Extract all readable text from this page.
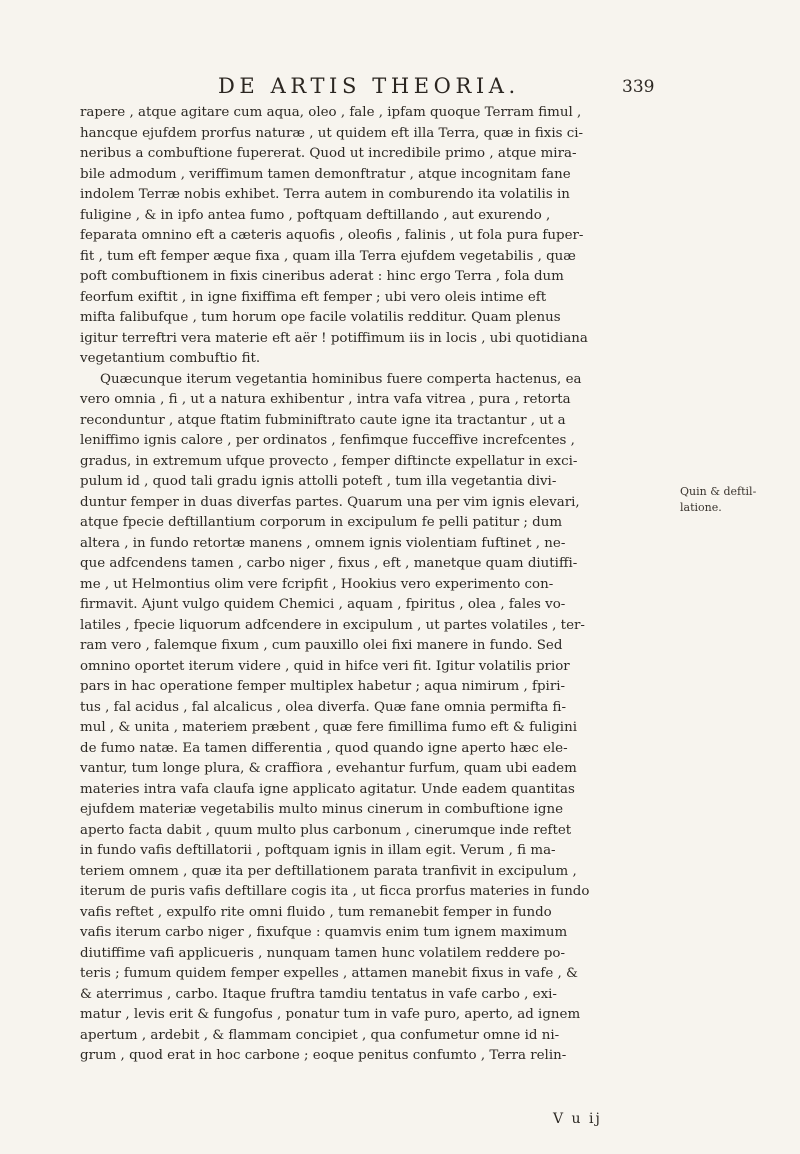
DE ARTIS THEORIA.	339
rapere , atque agitare cum aqua, oleo , fale , ipfam quoque Terram fimul ,
hancque ejufdem prorfus naturæ , ut quidem eft illa Terra, quæ in fixis ci-
neribus a combuftione fupererat. Quod ut incredibile primo , atque mira-
bile admodum , veriffimum tamen demonftratur , atque incognitam fane
indolem Terræ nobis exhibet. Terra autem in comburendo ita volatilis in
fuligine , & in ipfo antea fumo , poftquam deftillando , aut exurendo ,
feparata omnino eft a cæteris aquofis , oleofis , falinis , ut fola pura fuper-
fit , tum eft femper æque fixa , quam illa Terra ejufdem vegetabilis , quæ
poft combuftionem in fixis cineribus aderat : hinc ergo Terra , fola dum
feorfum exiftit , in igne fixiffima eft femper ; ubi vero oleis intime eft
mifta falibufque , tum horum ope facile volatilis redditur. Quam plenus
igitur terreftri vera materie eft aër ! potiffimum iis in locis , ubi quotidiana
vegetantium combuftio fit.
Quæcunque iterum vegetantia hominibus fuere comperta hactenus, ea
vero omnia , fi , ut a natura exhibentur , intra vafa vitrea , pura , retorta
reconduntur , atque ftatim fubminiftrato caute igne ita tractantur , ut a
leniffimo ignis calore , per ordinatos , fenfimque fucceffive increfcentes ,
gradus, in extremum ufque provecto , femper diftincte expellatur in exci-
pulum id , quod tali gradu ignis attolli poteft , tum illa vegetantia divi-
duntur femper in duas diverfas partes. Quarum una per vim ignis elevari,
atque fpecie deftillantium corporum in excipulum fe pelli patitur ; dum
altera , in fundo retortæ manens , omnem ignis violentiam fuftinet , ne-
que adfcendens tamen , carbo niger , fixus , eft , manetque quam diutiffi-
me , ut Helmontius olim vere fcripfit , Hookius vero experimento con-
firmavit. Ajunt vulgo quidem Chemici , aquam , fpiritus , olea , fales vo-
latiles , fpecie liquorum adfcendere in excipulum , ut partes volatiles , ter-
ram vero , falemque fixum , cum pauxillo olei fixi manere in fundo. Sed
omnino oportet iterum videre , quid in hifce veri fit. Igitur volatilis prior
pars in hac operatione femper multiplex habetur ; aqua nimirum , fpiri-
tus , fal acidus , fal alcalicus , olea diverfa. Quæ fane omnia permifta fi-
mul , & unita , materiem præbent , quæ fere fimillima fumo eft & fuligini
de fumo natæ. Ea tamen differentia , quod quando igne aperto hæc ele-
vantur, tum longe plura, & craffiora , evehantur furfum, quam ubi eadem
materies intra vafa claufa igne applicato agitatur. Unde eadem quantitas
ejufdem materiæ vegetabilis multo minus cinerum in combuftione igne
aperto facta dabit , quum multo plus carbonum , cinerumque inde reftet
in fundo vafis deftillatorii , poftquam ignis in illam egit. Verum , fi ma-
teriem omnem , quæ ita per deftillationem parata tranfivit in excipulum ,
iterum de puris vafis deftillare cogis ita , ut ficca prorfus materies in fundo
vafis reftet , expulfo rite omni fluido , tum remanebit femper in fundo
vafis iterum carbo niger , fixufque : quamvis enim tum ignem maximum
diutiffime vafi applicueris , nunquam tamen hunc volatilem reddere po-
teris ; fumum quidem femper expelles , attamen manebit fixus in vafe , &
& aterrimus , carbo. Itaque fruftra tamdiu tentatus in vafe carbo , exi-
matur , levis erit & fungofus , ponatur tum in vafe puro, aperto, ad ignem
apertum , ardebit , & flammam concipiet , qua confumetur omne id ni-
grum , quod erat in hoc carbone ; eoque penitus confumto , Terra relin-
Quin & deftil-
latione.
V u ij
